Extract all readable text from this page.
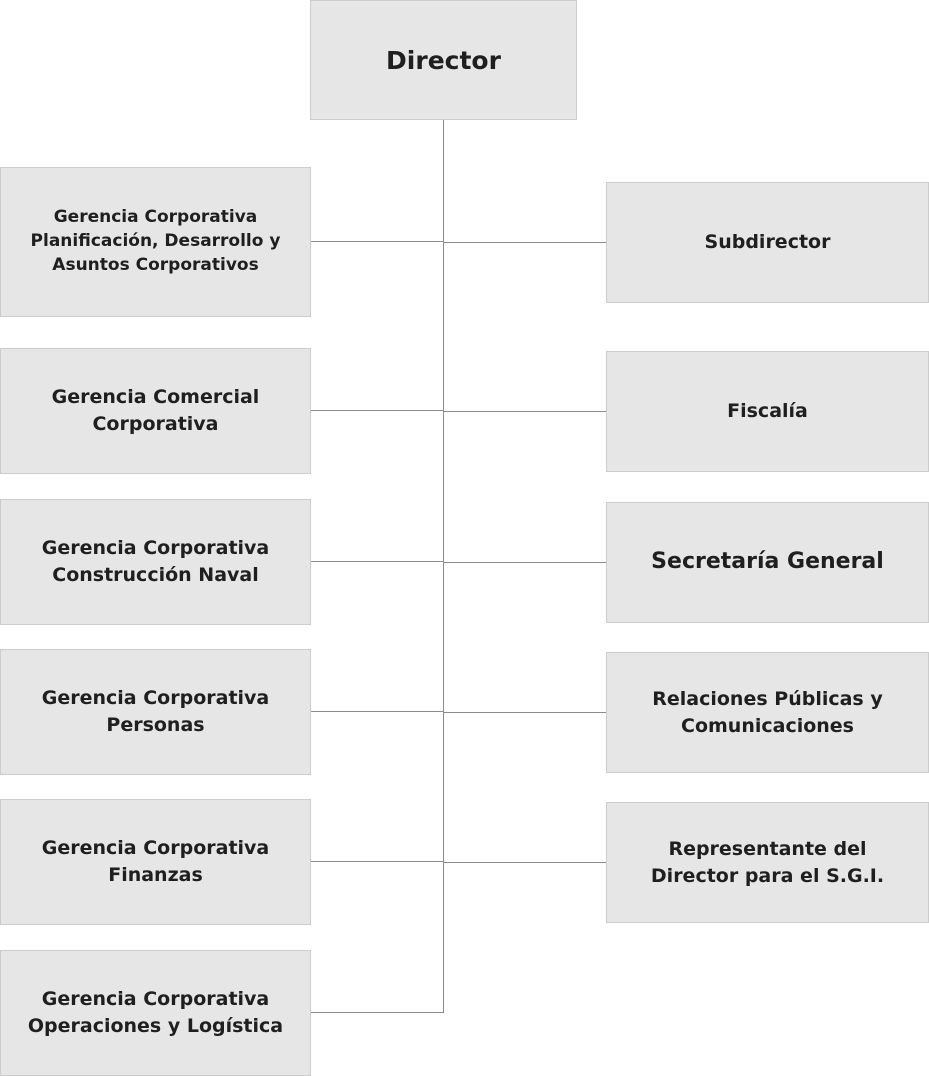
Director
Gerencia Corporativa Planificación, Desarrollo y Asuntos Corporativos
Gerencia Comercial Corporativa
Gerencia Corporativa Construcción Naval
Gerencia Corporativa Personas
Gerencia Corporativa Finanzas
Gerencia Corporativa Operaciones y Logística
Subdirector
Fiscalía
Secretaría General
Relaciones Públicas y Comunicaciones
Representante del Director para el S.G.I.
